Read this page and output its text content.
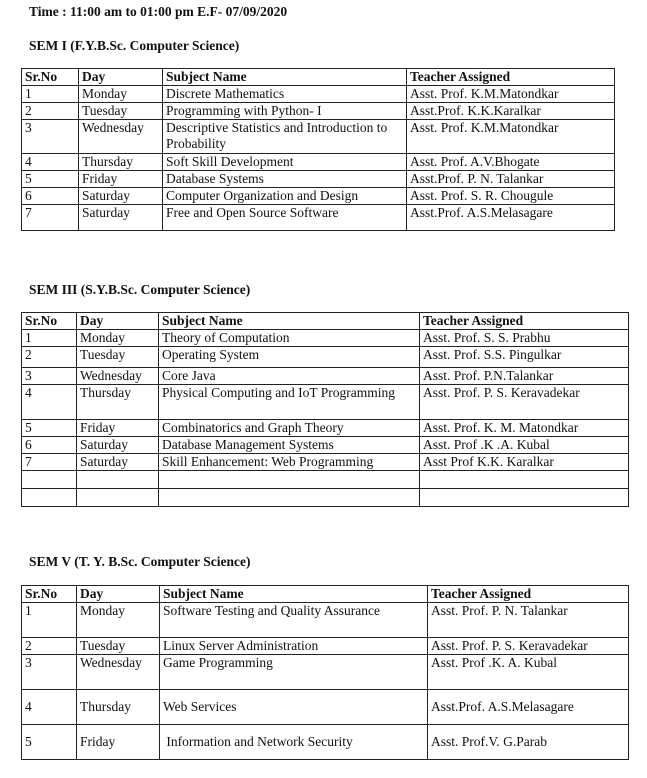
Time : 11:00 am to 01:00 pm E.F- 07/09/2020
SEM I (F.Y.B.Sc. Computer Science)
Sr.No	Day	Subject Name	Teacher Assigned
1	Monday	Discrete Mathematics	Asst. Prof. K.M.Matondkar
2	Tuesday	Programming with Python- I	Asst.Prof. K.K.Karalkar
3	Wednesday	Descriptive Statistics and Introduction to Probability	Asst. Prof. K.M.Matondkar
4	Thursday	Soft Skill Development	Asst. Prof. A.V.Bhogate
5	Friday	Database Systems	Asst.Prof. P. N. Talankar
6	Saturday	Computer Organization and Design	Asst. Prof. S. R. Chougule
7	Saturday	Free and Open Source Software	Asst.Prof. A.S.Melasagare
SEM III (S.Y.B.Sc. Computer Science)
Sr.No	Day	Subject Name	Teacher Assigned
1	Monday	Theory of Computation	Asst. Prof. S. S. Prabhu
2	Tuesday	Operating System	Asst. Prof. S.S. Pingulkar
3	Wednesday	Core Java	Asst. Prof. P.N.Talankar
4	Thursday	Physical Computing and IoT Programming	Asst. Prof. P. S. Keravadekar
5	Friday	Combinatorics and Graph Theory	Asst. Prof. K. M. Matondkar
6	Saturday	Database Management Systems	Asst. Prof .K .A. Kubal
7	Saturday	Skill Enhancement: Web Programming	Asst Prof K.K. Karalkar

SEM V (T. Y. B.Sc. Computer Science)
Sr.No	Day	Subject Name	Teacher Assigned
1	Monday	Software Testing and Quality Assurance	Asst. Prof. P. N. Talankar
2	Tuesday	Linux Server Administration	Asst. Prof. P. S. Keravadekar
3	Wednesday	Game Programming	Asst. Prof .K. A. Kubal
4	Thursday	Web Services	Asst.Prof. A.S.Melasagare
5	Friday	Information and Network Security	Asst. Prof.V. G.Parab
